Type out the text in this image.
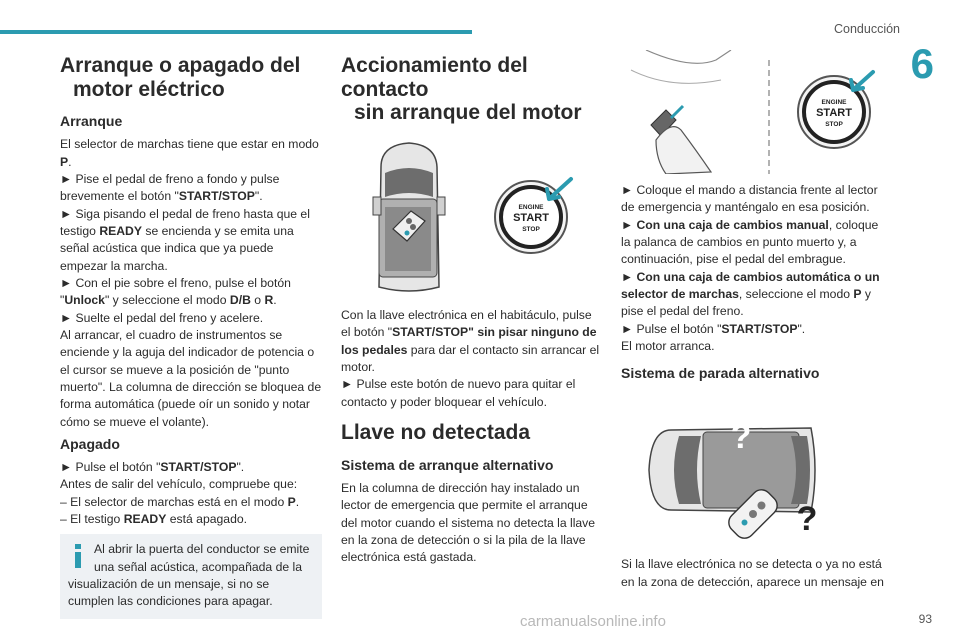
Conducción
6
Arranque o apagado del
motor eléctrico
Arranque

El selector de marchas tiene que estar en modo
P.

► Pise el pedal de freno a fondo y pulse brevemente el botón "START/STOP".

► Siga pisando el pedal de freno hasta que el testigo READY se encienda y se emita una señal acústica que indica que ya puede empezar la marcha.

► Con el pie sobre el freno, pulse el botón "Unlock" y seleccione el modo D/B o R.

► Suelte el pedal del freno y acelere.

Al arrancar, el cuadro de instrumentos se enciende y la aguja del indicador de potencia o el cursor se mueve a la posición de "punto muerto". La columna de dirección se bloquea de forma automática (puede oír un sonido y notar cómo se mueve el volante).

Apagado

► Pulse el botón "START/STOP".

Antes de salir del vehículo, compruebe que:

– El selector de marchas está en el modo P.

– El testigo READY está apagado.

Al abrir la puerta del conductor se emite una señal acústica, acompañada de la visualización de un mensaje, si no se cumplen las condiciones para apagar.
Accionamiento del contacto
sin arranque del motor
ENGINE
START
STOP

Con la llave electrónica en el habitáculo, pulse el botón "START/STOP" sin pisar ninguno de los pedales para dar el contacto sin arrancar el motor.

► Pulse este botón de nuevo para quitar el contacto y poder bloquear el vehículo.

Llave no detectada
Sistema de arranque alternativo

En la columna de dirección hay instalado un lector de emergencia que permite el arranque del motor cuando el sistema no detecta la llave en la zona de detección o si la pila de la llave electrónica está gastada.

ENGINE
START
STOP

► Coloque el mando a distancia frente al lector de emergencia y manténgalo en esa posición.

► Con una caja de cambios manual, coloque la palanca de cambios en punto muerto y, a continuación, pise el pedal del embrague.

► Con una caja de cambios automática o un selector de marchas, seleccione el modo P y pise el pedal del freno.

► Pulse el botón "START/STOP".

El motor arranca.

Sistema de parada alternativo
?
?

Si la llave electrónica no se detecta o ya no está en la zona de detección, aparece un mensaje en

carmanualsonline.info	93
